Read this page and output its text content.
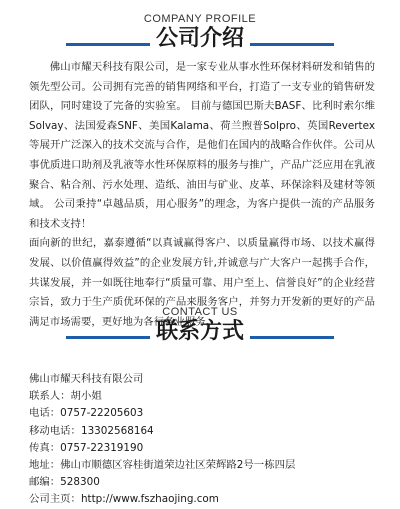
COMPANY PROFILE
公司介绍

佛山市耀天科技有限公司，是一家专业从事水性环保材料研发和销售的领先型公司。公司拥有完善的销售网络和平台，打造了一支专业的销售研发团队，同时建设了完备的实验室。 目前与德国巴斯夫BASF、比利时索尔维Solvay、法国爱森SNF、美国Kalama、荷兰煦普Solpro、英国Revertex等展开广泛深入的技术交流与合作，是他们在国内的战略合作伙伴。公司从事优质进口助剂及乳液等水性环保原料的服务与推广，产品广泛应用在乳液聚合、粘合剂、污水处理、造纸、油田与矿业、皮革、环保涂料及建材等领域。 公司秉持“卓越品质，用心服务”的理念，为客户提供一流的产品服务和技术支持！

面向新的世纪，嘉泰遵循“以真诚赢得客户、以质量赢得市场、以技术赢得发展、以价值赢得效益”的企业发展方针,并诚意与广大客户一起携手合作，共谋发展，并一如既往地奉行“质量可靠、用户至上、信誉良好”的企业经营宗旨，致力于生产质优环保的产品来服务客户，并努力开发新的更好的产品满足市场需要，更好地为各行各业服务。

CONTACT US
联系方式
佛山市耀天科技有限公司
联系人：胡小姐
电话：0757-22205603
移动电话：13302568164
传真：0757-22319190
地址：佛山市顺德区容桂街道荣边社区荣辉路2号一栋四层
邮编：528300
公司主页：http://www.fszhaojing.com
